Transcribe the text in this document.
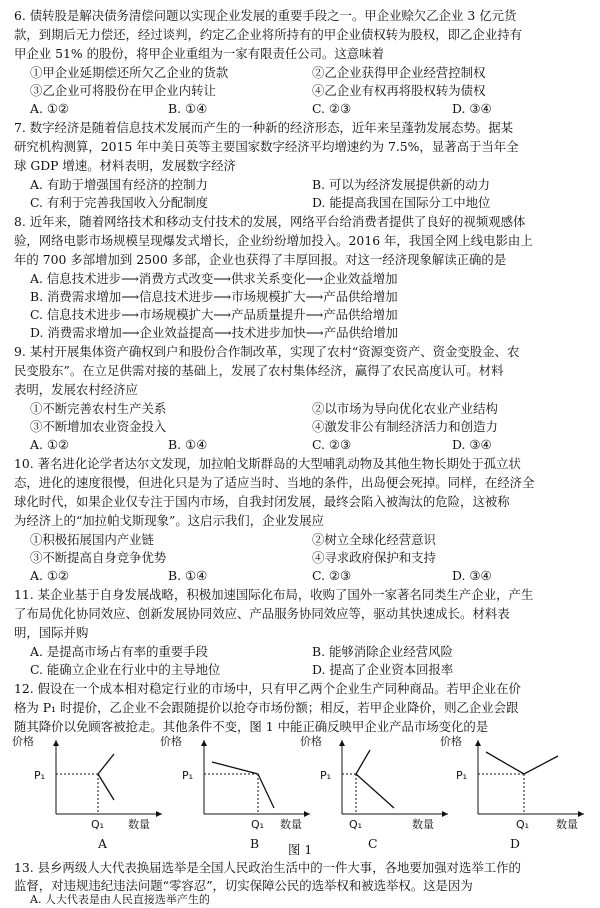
6. 债转股是解决债务清偿问题以实现企业发展的重要手段之一。甲企业赊欠乙企业 3 亿元货
款，到期后无力偿还，经过谈判，约定乙企业将所持有的甲企业债权转为股权，即乙企业持有
甲企业 51% 的股份，将甲企业重组为一家有限责任公司。这意味着
①甲企业延期偿还所欠乙企业的货款	②乙企业获得甲企业经营控制权
③乙企业可将股份在甲企业内转让	④乙企业有权再将股权转为债权
A. ①②	B. ①④	C. ②③	D. ③④
7. 数字经济是随着信息技术发展而产生的一种新的经济形态，近年来呈蓬勃发展态势。据某
研究机构测算，2015 年中美日英等主要国家数字经济平均增速约为 7.5%，显著高于当年全
球 GDP 增速。材料表明，发展数字经济
A. 有助于增强国有经济的控制力	B. 可以为经济发展提供新的动力
C. 有利于完善我国收入分配制度	D. 能提高我国在国际分工中地位
8. 近年来，随着网络技术和移动支付技术的发展，网络平台给消费者提供了良好的视频观感体
验，网络电影市场规模呈现爆发式增长，企业纷纷增加投入。2016 年，我国全网上线电影由上
年的 700 多部增加到 2500 多部，企业也获得了丰厚回报。对这一经济现象解读正确的是
A. 信息技术进步⟶消费方式改变⟶供求关系变化⟶企业效益增加
B. 消费需求增加⟶信息技术进步⟶市场规模扩大⟶产品供给增加
C. 信息技术进步⟶市场规模扩大⟶产品质量提升⟶产品供给增加
D. 消费需求增加⟶企业效益提高⟶技术进步加快⟶产品供给增加
9. 某村开展集体资产确权到户和股份合作制改革，实现了农村“资源变资产、资金变股金、农
民变股东”。在立足供需对接的基础上，发展了农村集体经济，赢得了农民高度认可。材料
表明，发展农村经济应
①不断完善农村生产关系	②以市场为导向优化农业产业结构
③不断增加农业资金投入	④激发非公有制经济活力和创造力
A. ①②	B. ①④	C. ②③	D. ③④
10. 著名进化论学者达尔文发现，加拉帕戈斯群岛的大型哺乳动物及其他生物长期处于孤立状
态，进化的速度很慢，但进化只是为了适应当时、当地的条件，出岛便会死掉。同样，在经济全
球化时代，如果企业仅专注于国内市场，自我封闭发展，最终会陷入被淘汰的危险，这被称
为经济上的“加拉帕戈斯现象”。这启示我们，企业发展应
①积极拓展国内产业链	②树立全球化经营意识
③不断提高自身竞争优势	④寻求政府保护和支持
A. ①②	B. ①④	C. ②③	D. ③④
11. 某企业基于自身发展战略，积极加速国际化布局，收购了国外一家著名同类生产企业，产生
了布局优化协同效应、创新发展协同效应、产品服务协同效应等，驱动其快速成长。材料表
明，国际并购
A. 是提高市场占有率的重要手段	B. 能够消除企业经营风险
C. 能确立企业在行业中的主导地位	D. 提高了企业资本回报率
12. 假设在一个成本相对稳定行业的市场中，只有甲乙两个企业生产同种商品。若甲企业在价
格为 P₁ 时提价，乙企业不会跟随提价以抢夺市场份额；相反，若甲企业降价，则乙企业会跟
随其降价以免顾客被抢走。其他条件不变，图 1 中能正确反映甲企业产品市场变化的是
价格
P₁
Q₁ 数量
A
价格
P₁
Q₁ 数量
B
价格
P₁
Q₁	数量
C
价格
P₁
Q₁ 数量
D
图 1
13. 县乡两级人大代表换届选举是全国人民政治生活中的一件大事，各地要加强对选举工作的
监督，对违规违纪违法问题“零容忍”，切实保障公民的选举权和被选举权。这是因为
A. 人大代表是由人民直接选举产生的
